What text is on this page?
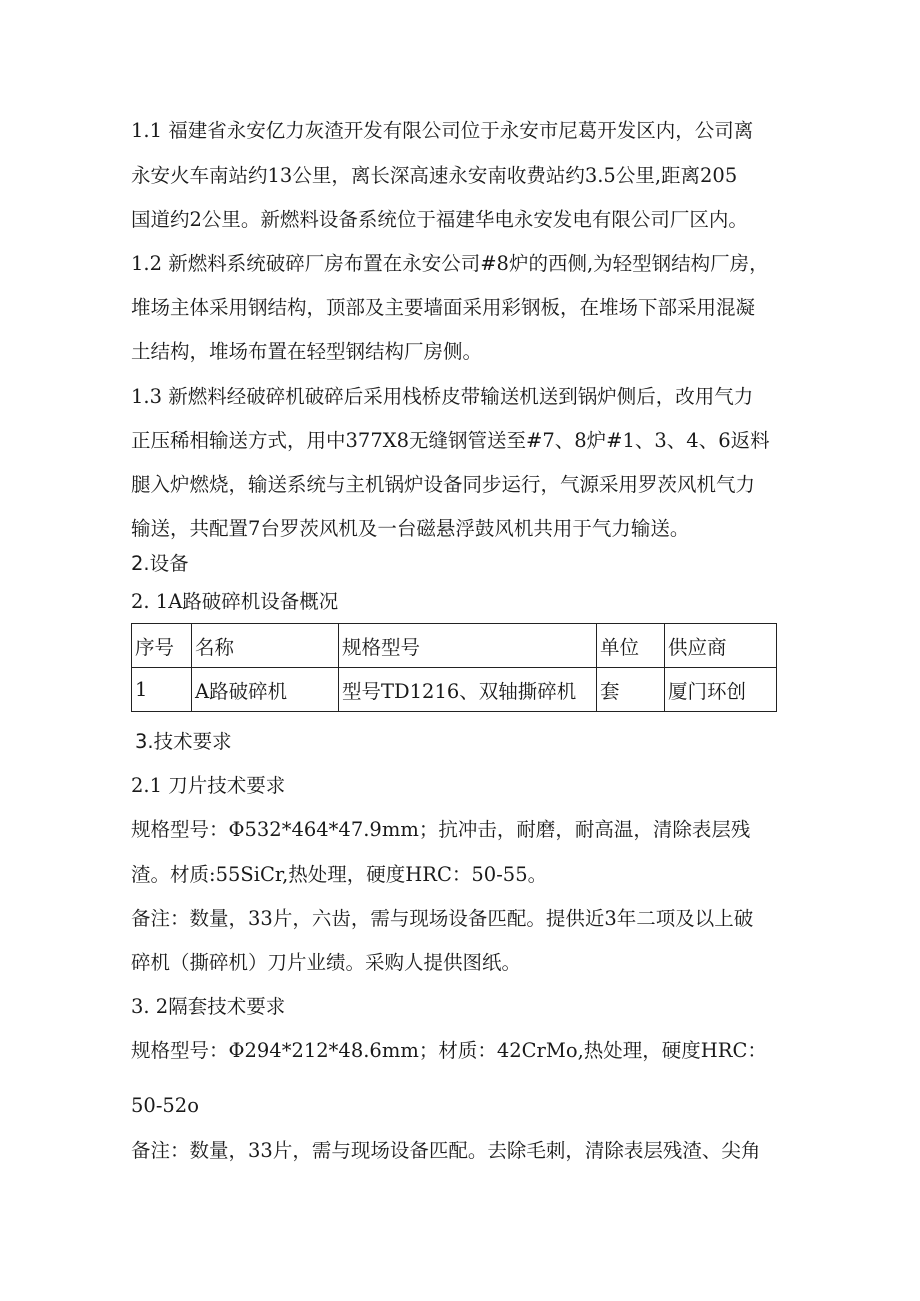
1.1 福建省永安亿力灰渣开发有限公司位于永安市尼葛开发区内，公司离
永安火车南站约13公里，离长深高速永安南收费站约3.5公里,距离205
国道约2公里。新燃料设备系统位于福建华电永安发电有限公司厂区内。
1.2 新燃料系统破碎厂房布置在永安公司#8炉的西侧,为轻型钢结构厂房，
堆场主体采用钢结构，顶部及主要墙面采用彩钢板，在堆场下部采用混凝
土结构，堆场布置在轻型钢结构厂房侧。
1.3 新燃料经破碎机破碎后采用栈桥皮带输送机送到锅炉侧后，改用气力
正压稀相输送方式，用中377X8无缝钢管送至#7、8炉#1、3、4、6返料
腿入炉燃烧，输送系统与主机锅炉设备同步运行，气源采用罗茨风机气力
输送，共配置7台罗茨风机及一台磁悬浮鼓风机共用于气力输送。
2.设备
2. 1A路破碎机设备概况
序号	名称	规格型号	单位	供应商
1	A路破碎机	型号TD1216、双轴撕碎机	套	厦门环创
3.技术要求
2.1 刀片技术要求
规格型号：Φ532*464*47.9mm；抗冲击，耐磨，耐高温，清除表层残
渣。材质:55SiCr,热处理，硬度HRC：50-55。
备注：数量，33片，六齿，需与现场设备匹配。提供近3年二项及以上破
碎机（撕碎机）刀片业绩。采购人提供图纸。
3. 2隔套技术要求
规格型号：Φ294*212*48.6mm；材质：42CrMo,热处理，硬度HRC：
50-52o
备注：数量，33片，需与现场设备匹配。去除毛刺，清除表层残渣、尖角
